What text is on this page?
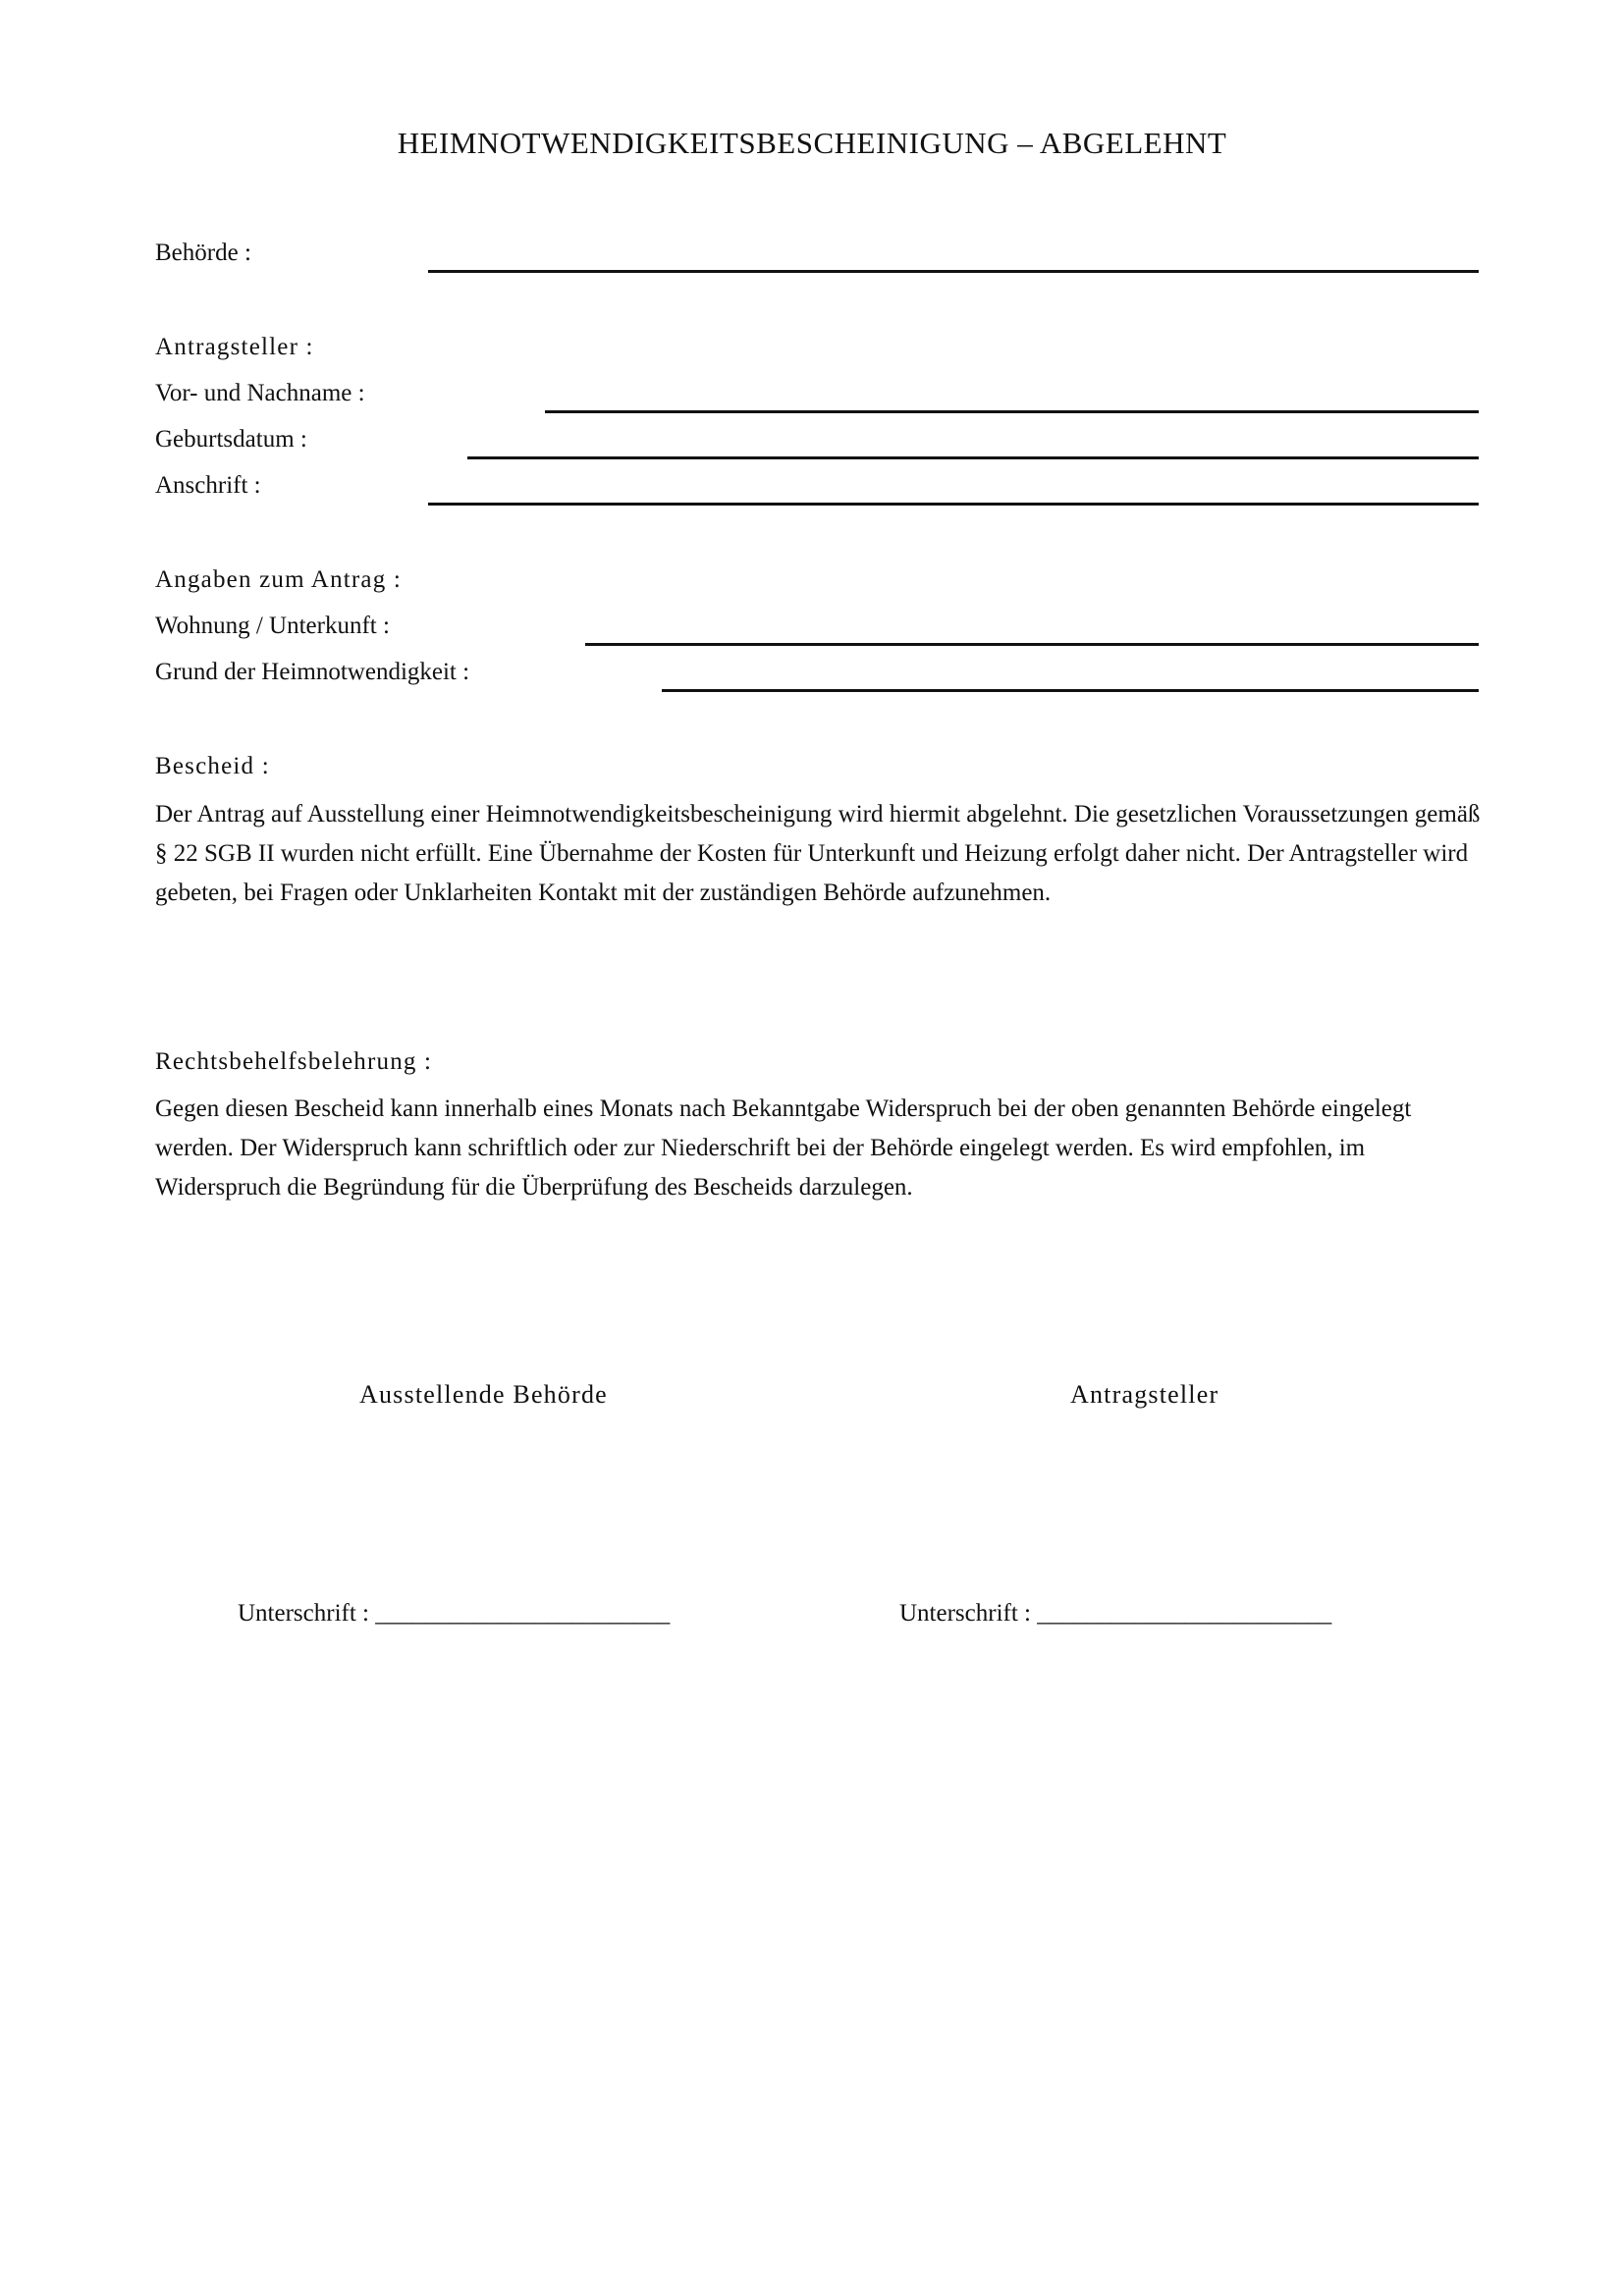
HEIMNOTWENDIGKEITSBESCHEINIGUNG – ABGELEHNT
Behörde :
Antragsteller :
Vor- und Nachname :
Geburtsdatum :
Anschrift :
Angaben zum Antrag :
Wohnung / Unterkunft :
Grund der Heimnotwendigkeit :
Bescheid :
Der Antrag auf Ausstellung einer Heimnotwendigkeitsbescheinigung wird hiermit abgelehnt. Die gesetzlichen Voraussetzungen gemäß § 22 SGB II wurden nicht erfüllt. Eine Übernahme der Kosten für Unterkunft und Heizung erfolgt daher nicht. Der Antragsteller wird gebeten, bei Fragen oder Unklarheiten Kontakt mit der zuständigen Behörde aufzunehmen.
Rechtsbehelfsbelehrung :
Gegen diesen Bescheid kann innerhalb eines Monats nach Bekanntgabe Widerspruch bei der oben genannten Behörde eingelegt werden. Der Widerspruch kann schriftlich oder zur Niederschrift bei der Behörde eingelegt werden. Es wird empfohlen, im Widerspruch die Begründung für die Überprüfung des Bescheids darzulegen.
Ausstellende Behörde	Antragsteller
Unterschrift : ________________________	Unterschrift : ________________________
